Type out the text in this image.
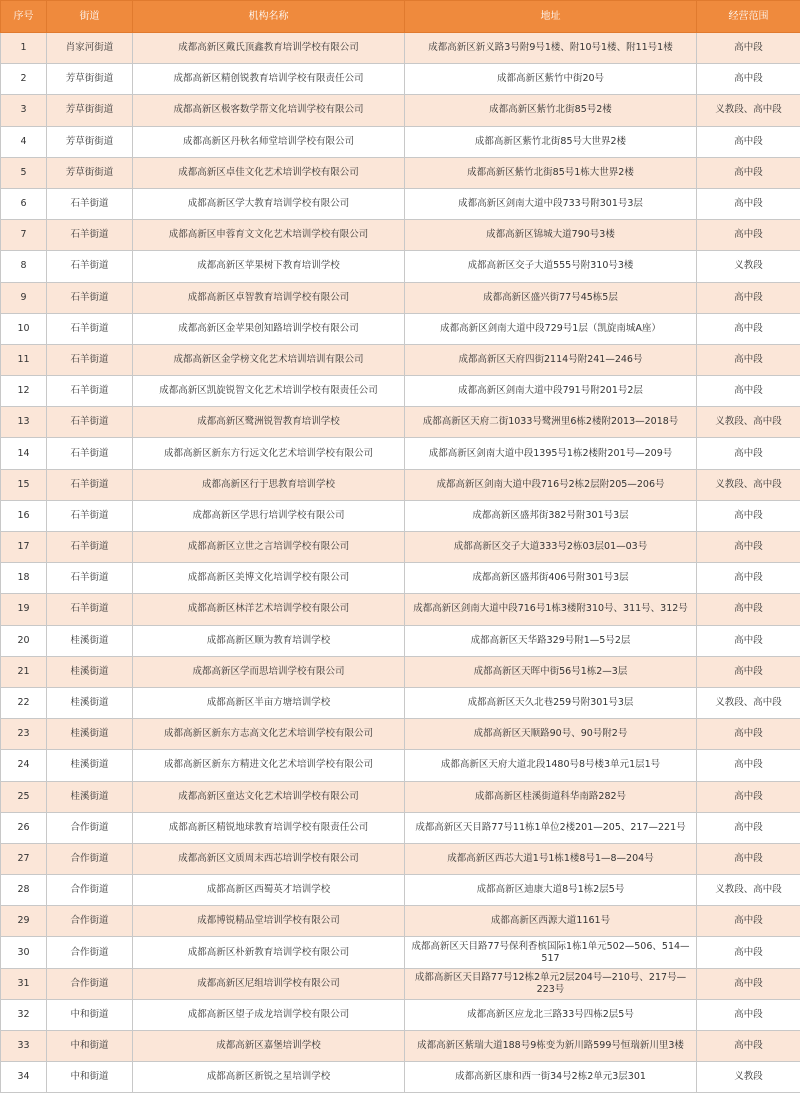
序号	街道	机构名称	地址	经营范围
1	肖家河街道	成都高新区戴氏顶鑫教育培训学校有限公司	成都高新区新义路3号附9号1楼、附10号1楼、附11号1楼	高中段
2	芳草街街道	成都高新区精创锐教育培训学校有限责任公司	成都高新区紫竹中街20号	高中段
3	芳草街街道	成都高新区极客数学帮文化培训学校有限公司	成都高新区紫竹北街85号2楼	义教段、高中段
4	芳草街街道	成都高新区丹秋名师堂培训学校有限公司	成都高新区紫竹北街85号大世界2楼	高中段
5	芳草街街道	成都高新区卓佳文化艺术培训学校有限公司	成都高新区紫竹北街85号1栋大世界2楼	高中段
6	石羊街道	成都高新区学大教育培训学校有限公司	成都高新区剑南大道中段733号附301号3层	高中段
7	石羊街道	成都高新区申蓉育文文化艺术培训学校有限公司	成都高新区锦城大道790号3楼	高中段
8	石羊街道	成都高新区苹果树下教育培训学校	成都高新区交子大道555号附310号3楼	义教段
9	石羊街道	成都高新区卓智教育培训学校有限公司	成都高新区盛兴街77号45栋5层	高中段
10	石羊街道	成都高新区金苹果创知路培训学校有限公司	成都高新区剑南大道中段729号1层（凯旋南城A座）	高中段
11	石羊街道	成都高新区金学榜文化艺术培训培训有限公司	成都高新区天府四街2114号附241—246号	高中段
12	石羊街道	成都高新区凯旋锐智文化艺术培训学校有限责任公司	成都高新区剑南大道中段791号附201号2层	高中段
13	石羊街道	成都高新区鹭洲锐智教育培训学校	成都高新区天府二街1033号鹭洲里6栋2楼附2013—2018号	义教段、高中段
14	石羊街道	成都高新区新东方行远文化艺术培训学校有限公司	成都高新区剑南大道中段1395号1栋2楼附201号—209号	高中段
15	石羊街道	成都高新区行于思教育培训学校	成都高新区剑南大道中段716号2栋2层附205—206号	义教段、高中段
16	石羊街道	成都高新区学思行培训学校有限公司	成都高新区盛邦街382号附301号3层	高中段
17	石羊街道	成都高新区立世之言培训学校有限公司	成都高新区交子大道333号2栋03层01—03号	高中段
18	石羊街道	成都高新区美博文化培训学校有限公司	成都高新区盛邦街406号附301号3层	高中段
19	石羊街道	成都高新区林洋艺术培训学校有限公司	成都高新区剑南大道中段716号1栋3楼附310号、311号、312号	高中段
20	桂溪街道	成都高新区顺为教育培训学校	成都高新区天华路329号附1—5号2层	高中段
21	桂溪街道	成都高新区学而思培训学校有限公司	成都高新区天晖中街56号1栋2—3层	高中段
22	桂溪街道	成都高新区半亩方塘培训学校	成都高新区天久北巷259号附301号3层	义教段、高中段
23	桂溪街道	成都高新区新东方志高文化艺术培训学校有限公司	成都高新区天顺路90号、90号附2号	高中段
24	桂溪街道	成都高新区新东方精进文化艺术培训学校有限公司	成都高新区天府大道北段1480号8号楼3单元1层1号	高中段
25	桂溪街道	成都高新区童达文化艺术培训学校有限公司	成都高新区桂溪街道科华南路282号	高中段
26	合作街道	成都高新区精锐地球教育培训学校有限责任公司	成都高新区天目路77号11栋1单位2楼201—205、217—221号	高中段
27	合作街道	成都高新区文质周末西芯培训学校有限公司	成都高新区西芯大道1号1栋1楼8号1—8—204号	高中段
28	合作街道	成都高新区西蜀英才培训学校	成都高新区迪康大道8号1栋2层5号	义教段、高中段
29	合作街道	成都博锐精品堂培训学校有限公司	成都高新区西源大道1161号	高中段
30	合作街道	成都高新区朴新教育培训学校有限公司	成都高新区天目路77号保利香槟国际1栋1单元502—506、514—517	高中段
31	合作街道	成都高新区尼组培训学校有限公司	成都高新区天目路77号12栋2单元2层204号—210号、217号—223号	高中段
32	中和街道	成都高新区望子成龙培训学校有限公司	成都高新区应龙北三路33号四栋2层5号	高中段
33	中和街道	成都高新区嘉堡培训学校	成都高新区紫瑞大道188号9栋变为新川路599号恒瑞新川里3楼	高中段
34	中和街道	成都高新区新锐之星培训学校	成都高新区康和西一街34号2栋2单元3层301	义教段
